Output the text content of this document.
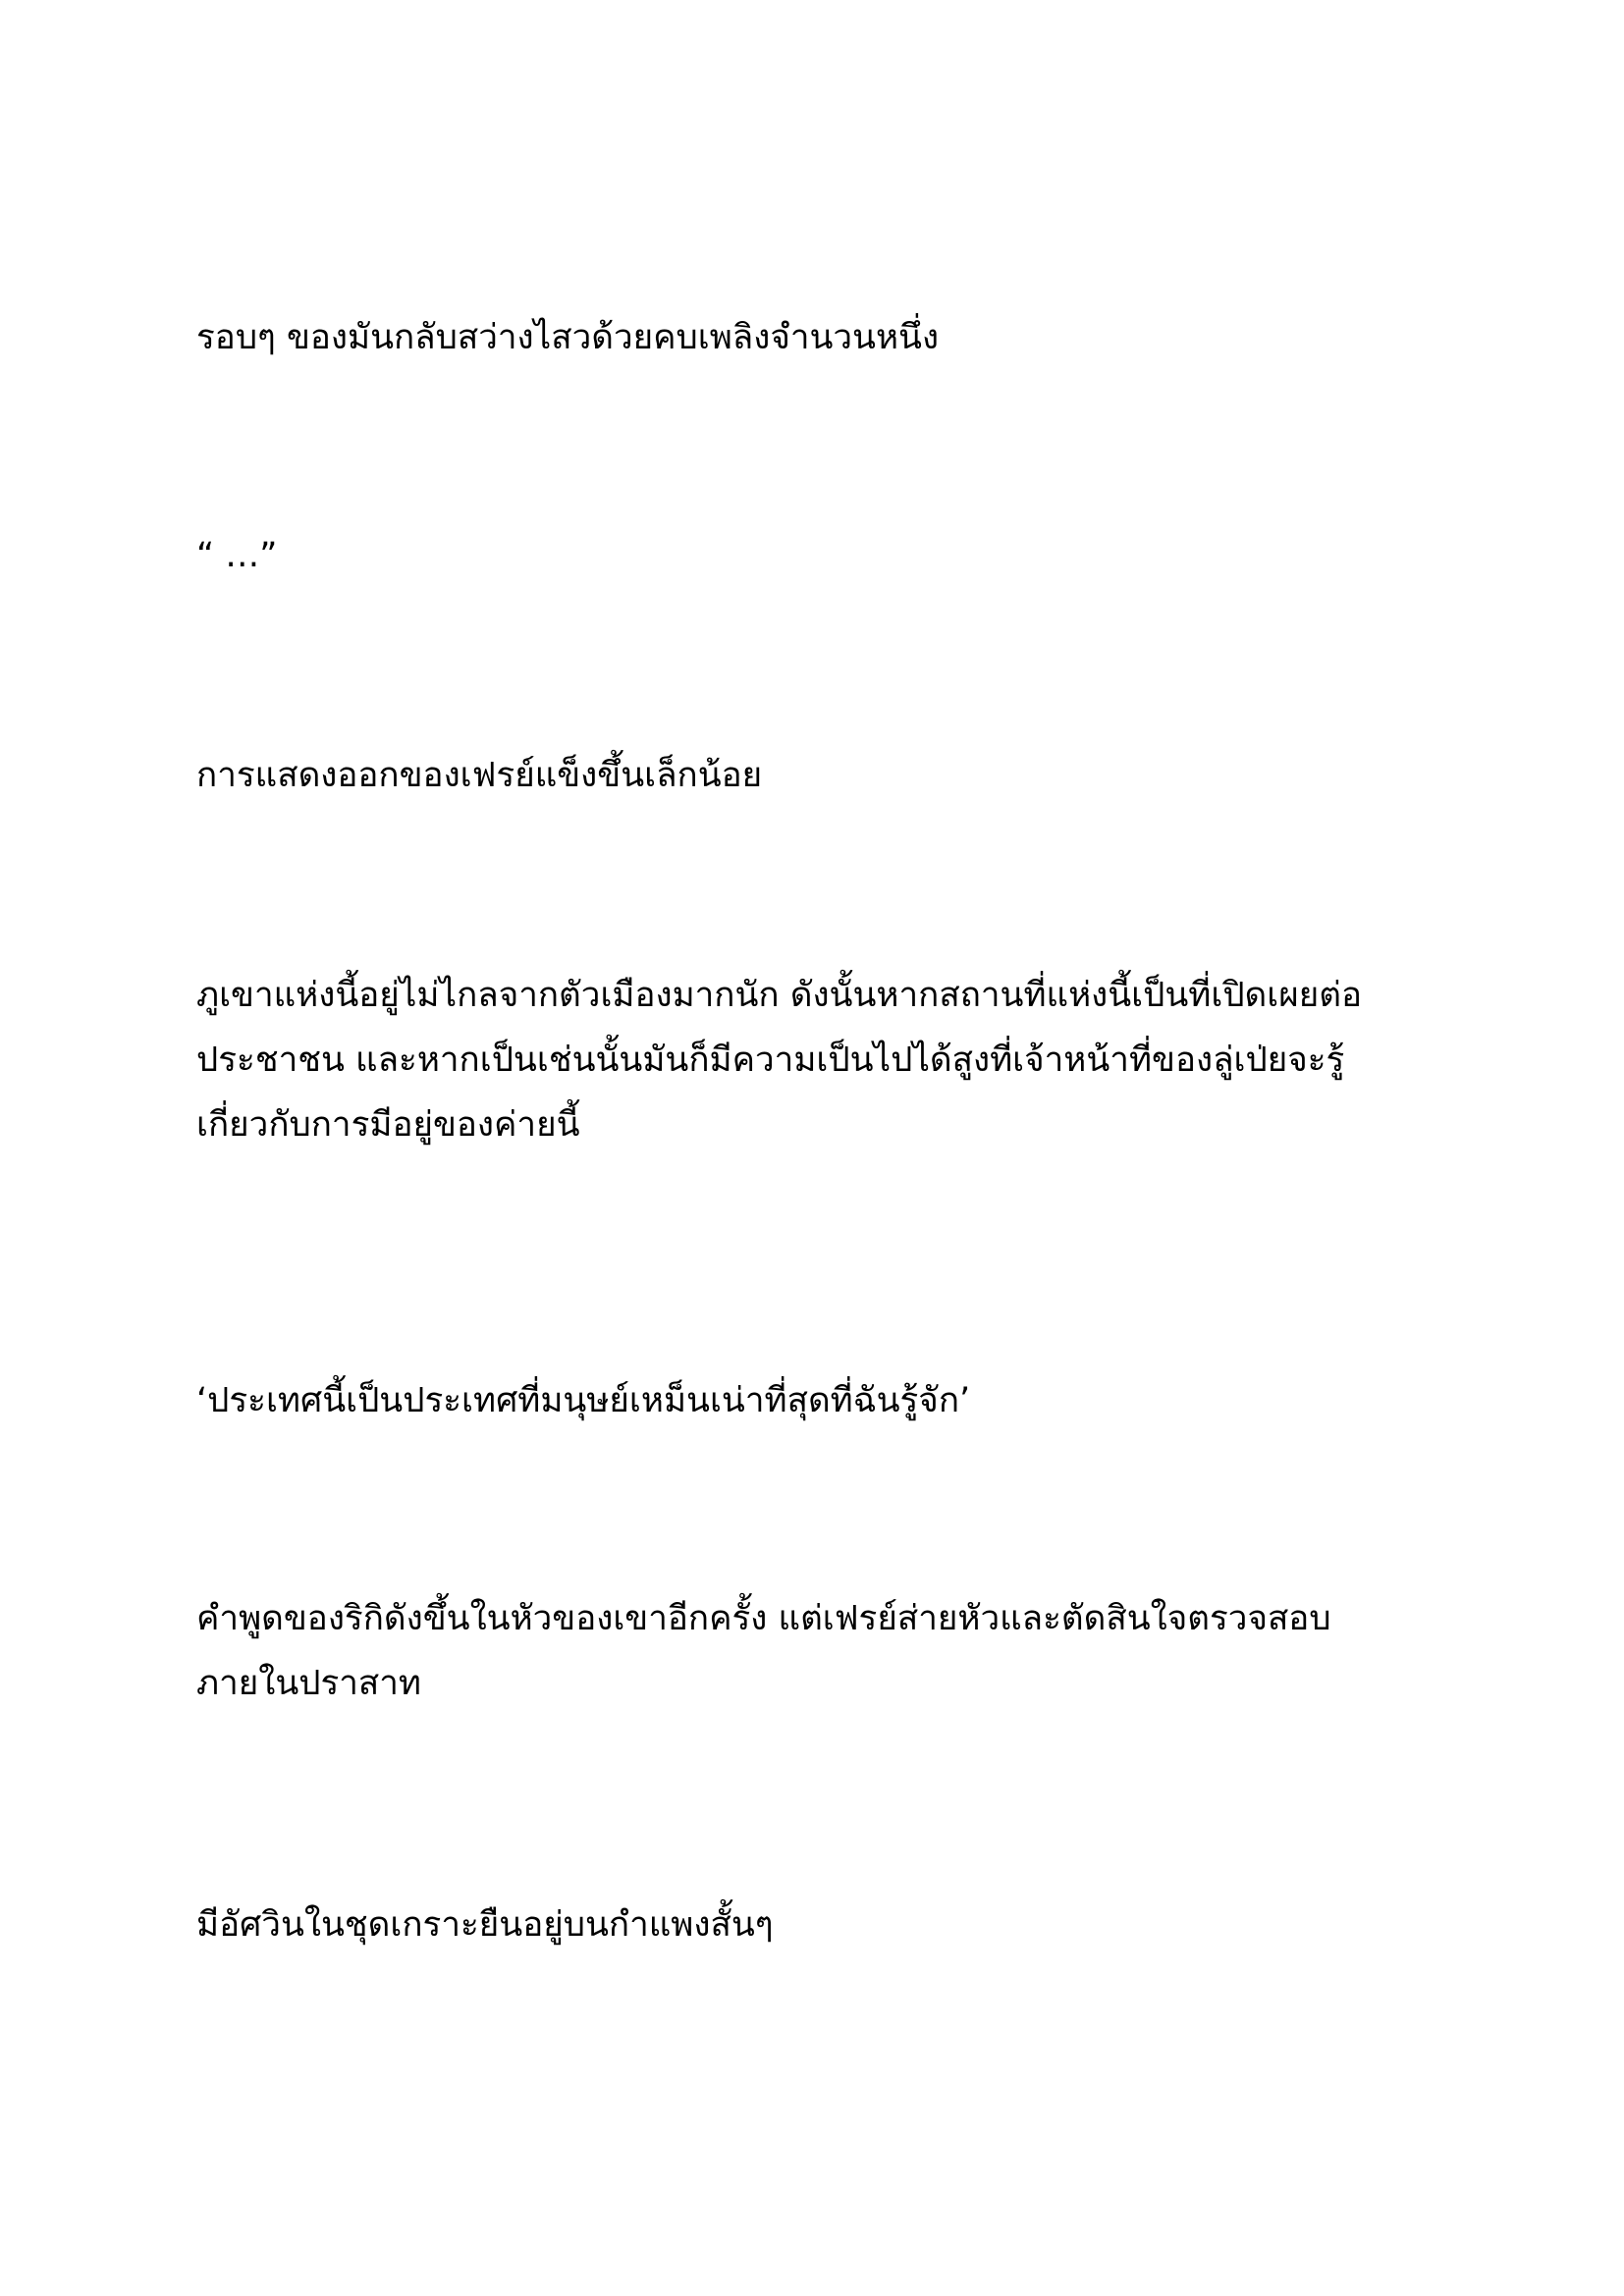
รอบๆ ของมันกลับสว่างไสวด้วยคบเพลิงจำนวนหนึ่ง

“ …”

การแสดงออกของเฟรย์แข็งขึ้นเล็กน้อย

ภูเขาแห่งนี้อยู่ไม่ไกลจากตัวเมืองมากนัก ดังนั้นหากสถานที่แห่งนี้เป็นที่เปิดเผยต่อ
ประชาชน และหากเป็นเช่นนั้นมันก็มีความเป็นไปได้สูงที่เจ้าหน้าที่ของลู่เป่ยจะรู้
เกี่ยวกับการมีอยู่ของค่ายนี้

‘ประเทศนี้เป็นประเทศที่มนุษย์เหม็นเน่าที่สุดที่ฉันรู้จัก’

คำพูดของริกิดังขึ้นในหัวของเขาอีกครั้ง แต่เฟรย์ส่ายหัวและตัดสินใจตรวจสอบ
ภายในปราสาท

มีอัศวินในชุดเกราะยืนอยู่บนกำแพงสั้นๆ
